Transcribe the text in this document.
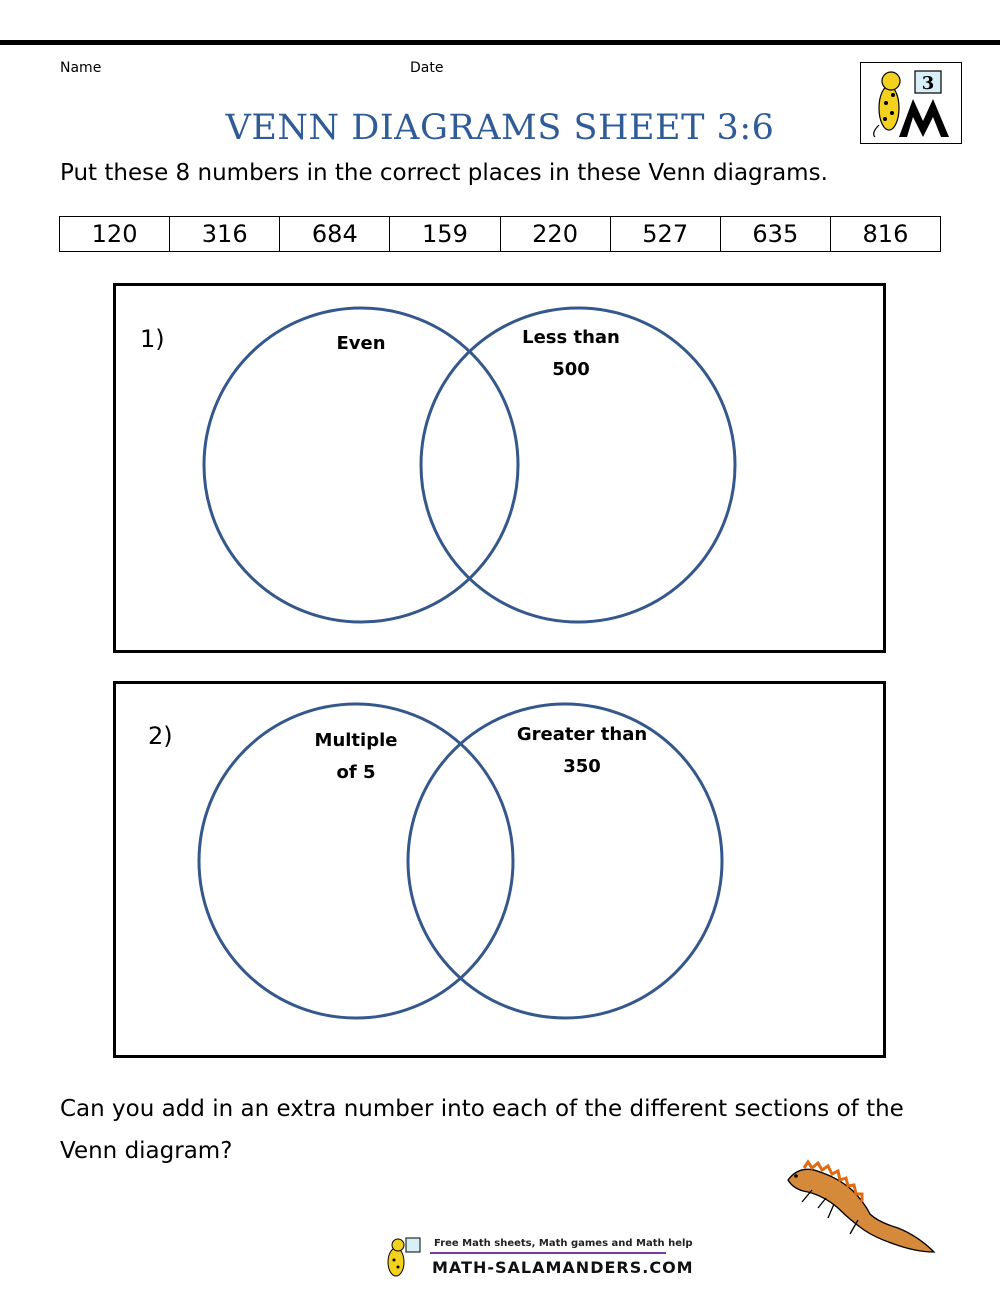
Name	Date
3
VENN DIAGRAMS SHEET 3:6
Put these 8 numbers in the correct places in these Venn diagrams.
120	316	684	159	220	527	635	816
1)	Even	Less than
500
2)	Multiple
of 5
Greater than
350
Can you add in an extra number into each of the different sections of the Venn diagram?
Free Math sheets, Math games and Math help
MATH-SALAMANDERS.COM
